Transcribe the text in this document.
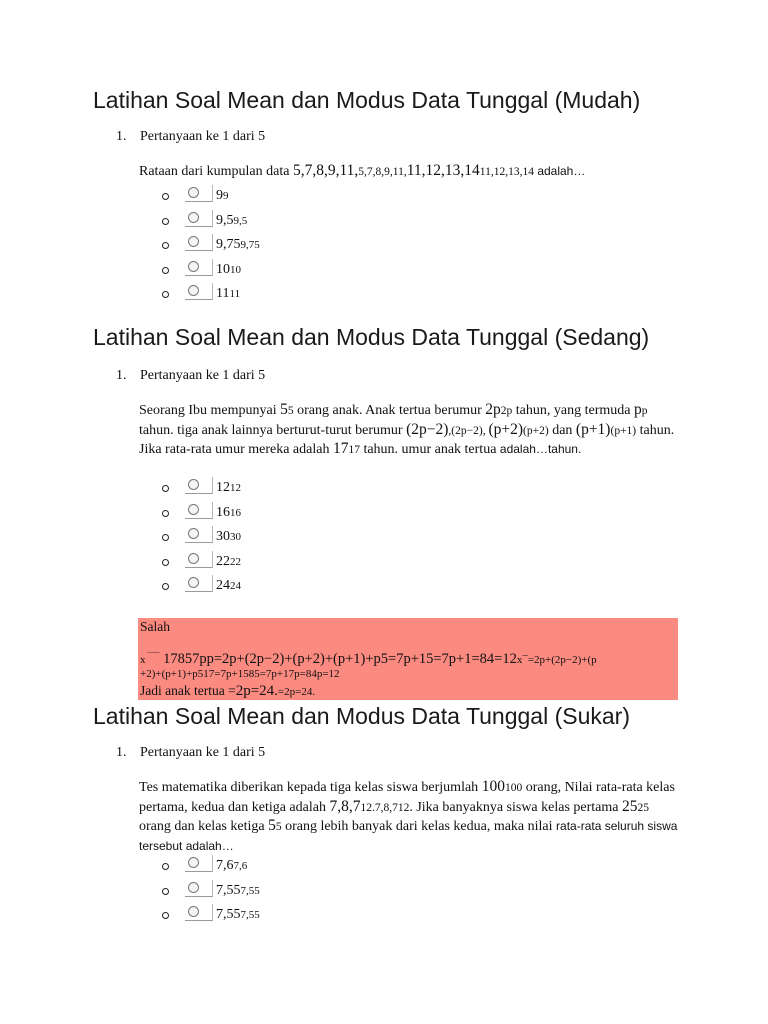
Latihan Soal Mean dan Modus Data Tunggal (Mudah)
1. Pertanyaan ke 1 dari 5

Rataan dari kumpulan data 5,7,8,9,11,5,7,8,9,11,11,12,13,1411,12,13,14 adalah…

99
9,59,5
9,759,75
1010
1111
Latihan Soal Mean dan Modus Data Tunggal (Sedang)
1. Pertanyaan ke 1 dari 5

Seorang Ibu mempunyai 55 orang anak. Anak tertua berumur 2p2p tahun, yang termuda pp tahun. tiga anak lainnya berturut-turut berumur (2p−2),(2p−2), (p+2)(p+2) dan (p+1)(p+1) tahun. Jika rata-rata umur mereka adalah 1717 tahun. umur anak tertua adalah…tahun.

1212
1616
3030
2222
2424
Salah
x ¯¯¯ 17857pp=2p+(2p−2)+(p+2)+(p+1)+p5=7p+15=7p+1=84=12x¯=2p+(2p−2)+(p
+2)+(p+1)+p517=7p+1585=7p+17p=84p=12
Jadi anak tertua =2p=24.=2p=24.
Latihan Soal Mean dan Modus Data Tunggal (Sukar)
1. Pertanyaan ke 1 dari 5

Tes matematika diberikan kepada tiga kelas siswa berjumlah 100100 orang, Nilai rata-rata kelas pertama, kedua dan ketiga adalah 7,8,712.7,8,712. Jika banyaknya siswa kelas pertama 2525 orang dan kelas ketiga 55 orang lebih banyak dari kelas kedua, maka nilai rata-rata seluruh siswa tersebut adalah…

7,67,6
7,557,55
7,557,55
